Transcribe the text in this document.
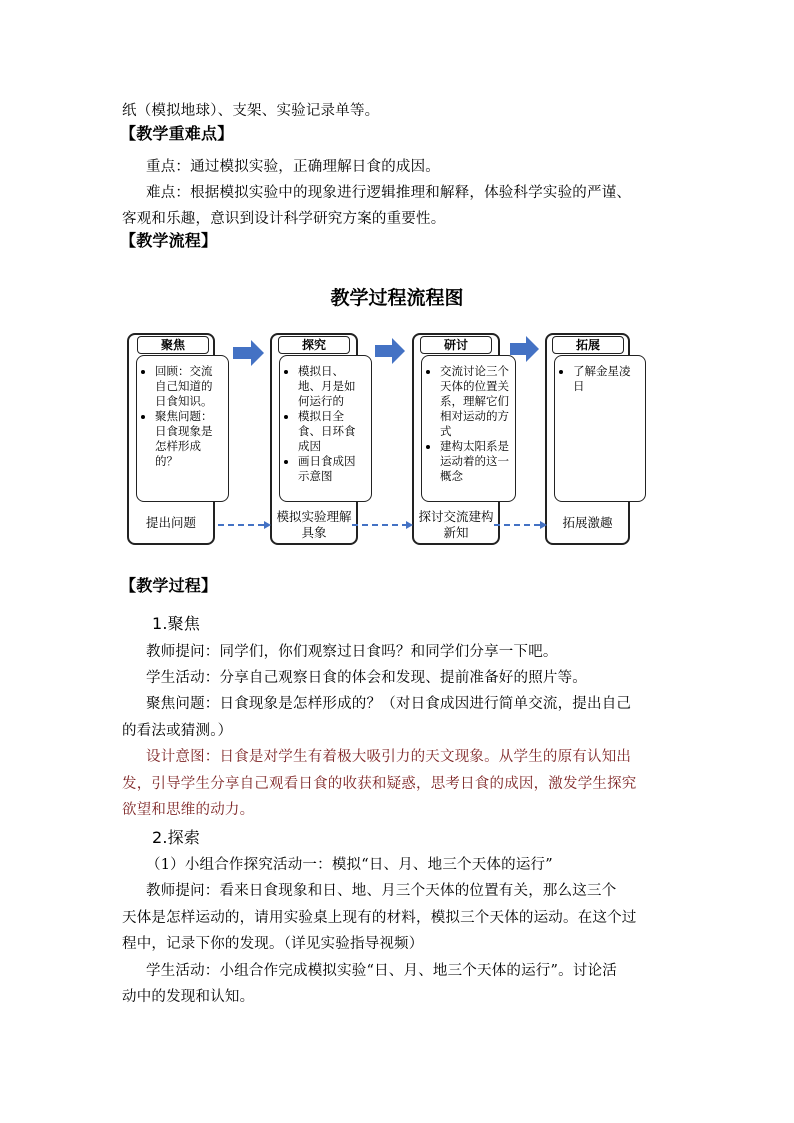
纸（模拟地球）、支架、实验记录单等。
【教学重难点】
重点：通过模拟实验，正确理解日食的成因。
难点：根据模拟实验中的现象进行逻辑推理和解释，体验科学实验的严谨、
客观和乐趣，意识到设计科学研究方案的重要性。
【教学流程】
教学过程流程图
聚焦
• 回顾：交流自己知道的日食知识。
• 聚焦问题：日食现象是怎样形成的？
提出问题
探究
• 模拟日、地、月是如何运行的
• 模拟日全食、日环食成因
• 画日食成因示意图
模拟实验理解具象
研讨
• 交流讨论三个天体的位置关系，理解它们相对运动的方式
• 建构太阳系是运动着的这一概念
探讨交流建构新知
拓展
• 了解金星凌日
拓展激趣
【教学过程】
1.聚焦
教师提问：同学们，你们观察过日食吗？和同学们分享一下吧。
学生活动：分享自己观察日食的体会和发现、提前准备好的照片等。
聚焦问题：日食现象是怎样形成的？（对日食成因进行简单交流，提出自己
的看法或猜测。）
设计意图：日食是对学生有着极大吸引力的天文现象。从学生的原有认知出
发，引导学生分享自己观看日食的收获和疑惑，思考日食的成因，激发学生探究
欲望和思维的动力。
2.探索
（1）小组合作探究活动一：模拟“日、月、地三个天体的运行”
教师提问：看来日食现象和日、地、月三个天体的位置有关，那么这三个
天体是怎样运动的，请用实验桌上现有的材料，模拟三个天体的运动。在这个过
程中，记录下你的发现。（详见实验指导视频）
学生活动：小组合作完成模拟实验“日、月、地三个天体的运行”。讨论活
动中的发现和认知。
